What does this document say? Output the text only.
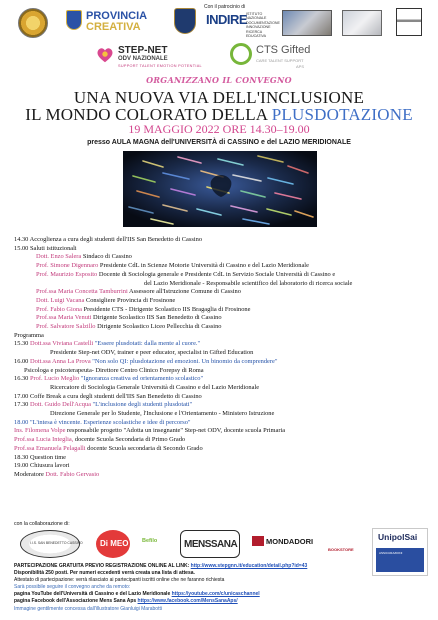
PROVINCIA
CREATIVA
Con il patrocinio di
INDIRE
ISTITUTO NAZIONALE DOCUMENTAZIONE INNOVAZIONE RICERCA EDUCATIVA
STEP-NET
ODV NAZIONALE
SUPPORT TALENT EMOTION POTENTIAL
CTS Gifted
CARE TALENT SUPPORT
APS
ORGANIZZANO IL CONVEGNO
UNA NUOVA VIA DELL'INCLUSIONE
IL MONDO COLORATO DELLA PLUSDOTAZIONE
19 MAGGIO 2022 ORE 14.30–19.00
presso AULA MAGNA dell'UNIVERSITÀ di CASSINO e del LAZIO MERIDIONALE
14.30 Accoglienza a cura degli studenti dell'IIS San Benedetto di Cassino
15.00 Saluti istituzionali
Dott. Enzo Salera Sindaco di Cassino
Prof. Simone Digennaro Presidente CdL in Scienze Motorie Università di Cassino e del Lazio Meridionale
Prof. Maurizio Esposito Docente di Sociologia generale e Presidente CdL in Servizio Sociale Università di Cassino e
del Lazio Meridionale - Responsabile scientifico del laboratorio di ricerca sociale
Prof.ssa Maria Concetta Tamburrini Assessore all'Istruzione Comune di Cassino
Dott. Luigi Vacana Consigliere Provincia di Frosinone
Prof. Fabio Giona Presidente CTS - Dirigente Scolastico IIS Bragaglia di Frosinone
Prof.ssa Maria Venuti Dirigente Scolastico IIS San Benedetto di Cassino
Prof. Salvatore Salzillo Dirigente Scolastico Liceo Pellecchia di Cassino
Programma
15.30 Dott.ssa Viviana Castelli "Essere plusdotati: dalla mente al cuore."
Presidente Step-net ODV, trainer e peer educator, specialist in Gifted Education
16.00 Dott.ssa Anna La Prova "Non solo QI: plusdotazione ed emozioni. Un binomio da comprendere"
Psicologa e psicoterapeuta- Direttore Centro Clinico Forepsy di Roma
16.30 Prof. Lucio Meglio "Ignoranza creativa ed orientamento scolastico"
Ricercatore di Sociologia Generale Università di Cassino e del Lazio Meridionale
17.00 Coffe Break a cura degli studenti dell'IIS San Benedetto di Cassino
17.30 Dott. Guido Dell'Acqua "L'inclusione degli studenti plusdotati"
Direzione Generale per lo Studente, l'Inclusione e l'Orientamento - Ministero Istruzione
18.00 "L'intesa è vincente. Esperienze scolastiche e idee di percorso"
Ins. Filomena Volpe responsabile progetto "Adotta un insegnante" Step-net ODV, docente scuola Primaria
Prof.ssa Lucia Integlia, docente Scuola Secondaria di Primo Grado
Prof.ssa Emanuela Pelagalli docente Scuola secondaria di Secondo Grado
18.30 Question time
19.00 Chiusura lavori
Moderatore Dott. Fabio Gervasio
con la collaborazione di:
I.I.S. SAN BENEDETTO CASSINO Di MEO Befilo	MENSSANA	MONDADORI
BOOKSTORE
UnipolSai
ASSICURAZIONI
PARTECIPAZIONE GRATUITA PREVIO REGISTRAZIONE ONLINE AL LINK: http://www.stepgnn.it/education/detail.php?id=43
Disponibilità 250 posti. Per numeri eccedenti verrà creata una lista di attesa.
Attestato di partecipazione: verrà rilasciato ai partecipanti iscritti online che ne faranno richiesta
Sarà possibile seguire il convegno anche da remoto:
pagina YouTube dell'Università di Cassino e del Lazio Meridionale https://youtube.com/c/unicaschannel
pagina Facebook dell'Associazione Mens Sana Aps https://www.facebook.com/MensSanaAps/
Immagine gentilmente concessa dall'illustratore Gianluigi Marabotti
